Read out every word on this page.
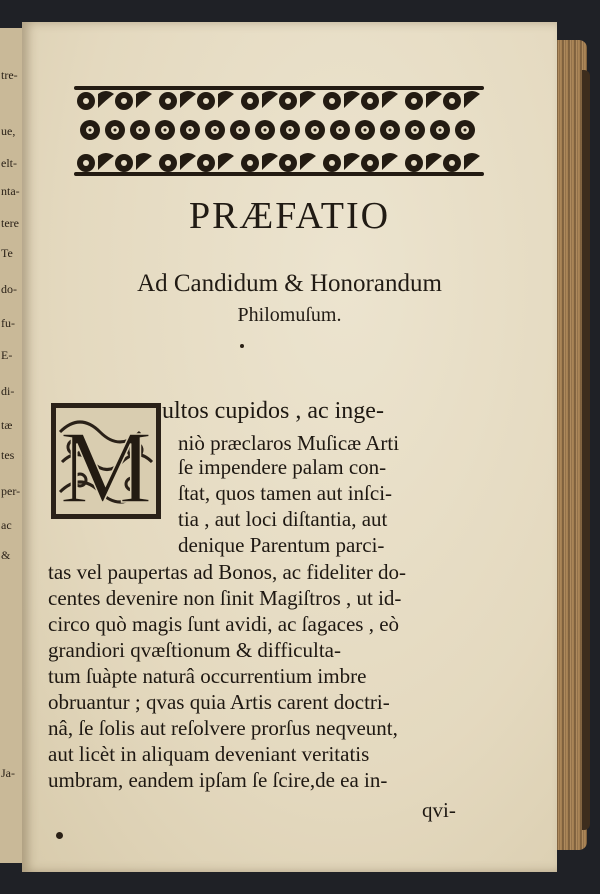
tre-
ue,
elt-
nta-
tere
Te
do-
fu-
E-
di-
tæ
tes
per-
ac
&
Ja-
PRÆFATIO
Ad Candidum & Honorandum
Philomuſum.
M ultos cupidos , ac inge-
niò præclaros Muſicæ Arti
ſe impendere palam con-
ſtat, quos tamen aut inſci-
tia , aut loci diſtantia, aut
denique Parentum parci-
tas vel paupertas ad Bonos, ac fideliter do-
centes devenire non ſinit Magiſtros , ut id-
circo quò magis ſunt avidi, ac ſagaces , eò
grandiori qvæſtionum & difficulta-
tum ſuàpte naturâ occurrentium imbre
obruantur ; qvas quia Artis carent doctri-
nâ, ſe ſolis aut reſolvere prorſus neqveunt,
aut licèt in aliquam deveniant veritatis
umbram, eandem ipſam ſe ſcire,de ea in-
qvi-
